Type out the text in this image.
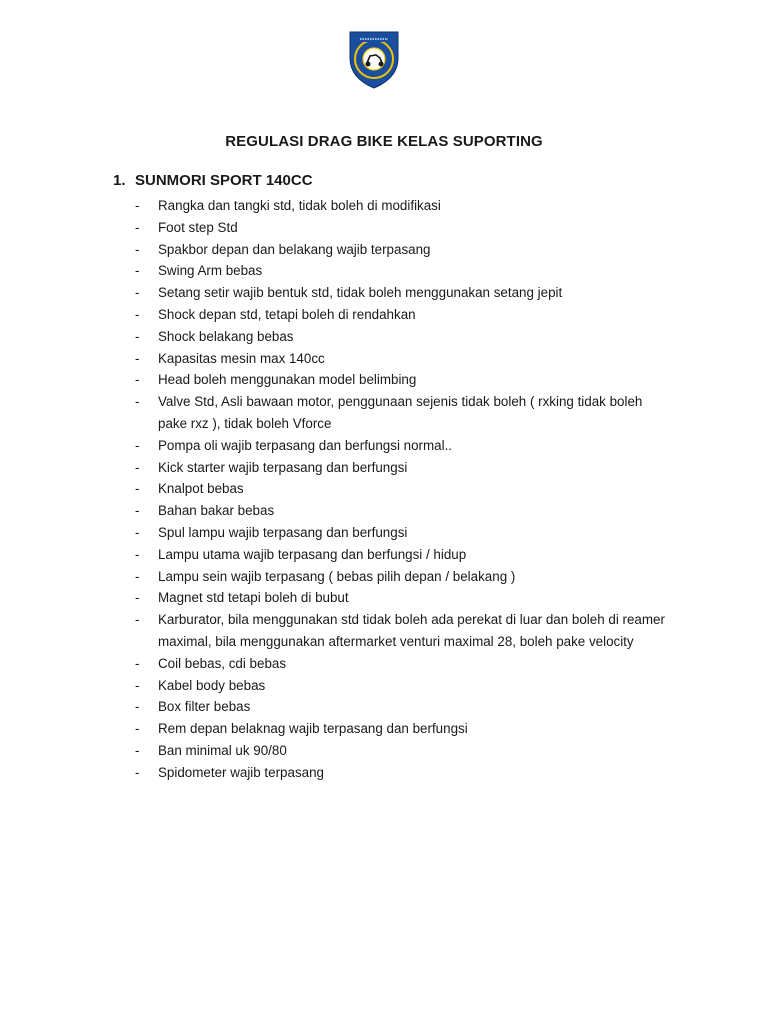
I M I
REGULASI DRAG BIKE KELAS SUPORTING
1. SUNMORI SPORT 140CC
-	Rangka dan tangki std, tidak boleh di modifikasi
-	Foot step Std
-	Spakbor depan dan belakang wajib terpasang
-	Swing Arm bebas
-	Setang setir wajib bentuk std, tidak boleh menggunakan setang jepit
-	Shock depan std, tetapi boleh di rendahkan
-	Shock belakang bebas
-	Kapasitas mesin max 140cc
-	Head boleh menggunakan model belimbing
-	Valve Std, Asli bawaan motor, penggunaan sejenis tidak boleh ( rxking tidak boleh pake rxz ), tidak boleh Vforce
-	Pompa oli wajib terpasang dan berfungsi normal..
-	Kick starter wajib terpasang dan berfungsi
-	Knalpot bebas
-	Bahan bakar bebas
-	Spul lampu wajib terpasang dan berfungsi
-	Lampu utama wajib terpasang dan berfungsi / hidup
-	Lampu sein wajib terpasang ( bebas pilih depan / belakang )
-	Magnet std tetapi boleh di bubut
-	Karburator, bila menggunakan std tidak boleh ada perekat di luar dan boleh di reamer maximal, bila menggunakan aftermarket venturi maximal 28, boleh pake velocity
-	Coil bebas, cdi bebas
-	Kabel body bebas
-	Box filter bebas
-	Rem depan belaknag wajib terpasang dan berfungsi
-	Ban minimal uk 90/80
-	Spidometer wajib terpasang
